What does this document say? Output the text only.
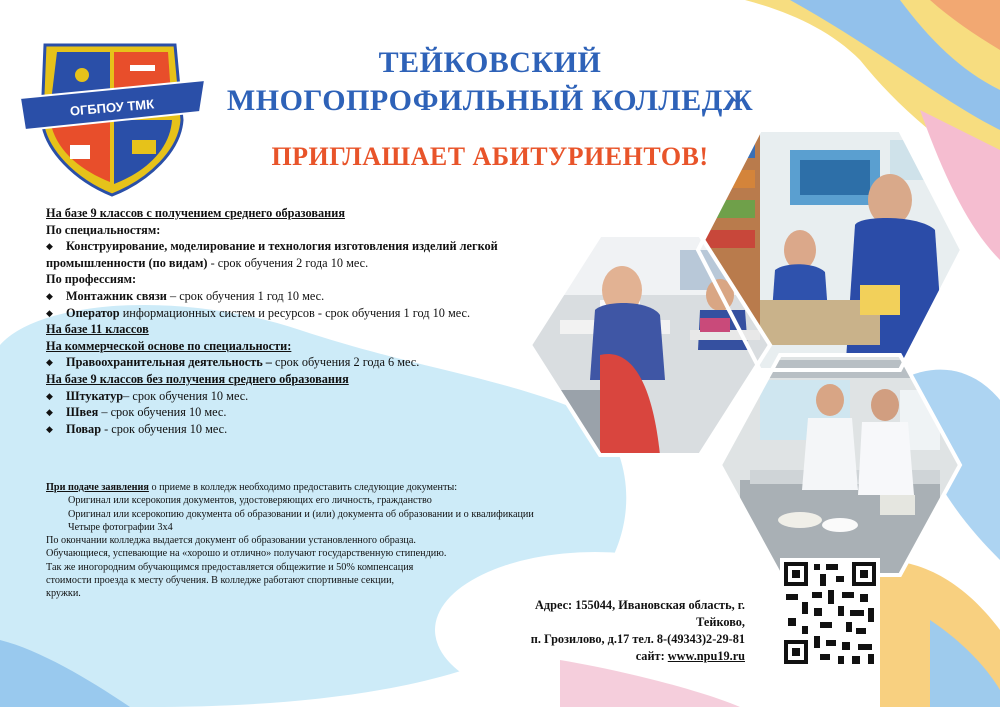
ОГБПОУ ТМК
ТЕЙКОВСКИЙ
МНОГОПРОФИЛЬНЫЙ КОЛЛЕДЖ
ПРИГЛАШАЕТ АБИТУРИЕНТОВ!
На базе 9 классов с получением среднего образования
По специальностям:
◆ Конструирование, моделирование и технология изготовления изделий легкой промышленности (по видам) - срок обучения 2 года 10 мес.
По профессиям:
◆ Монтажник связи – срок обучения 1 год 10 мес.
◆ Оператор информационных систем и ресурсов - срок обучения 1 год 10 мес.
На базе 11 классов
На коммерческой основе по специальности:
◆ Правоохранительная деятельность – срок обучения 2 года 6 мес.
На базе 9 классов без получения среднего образования
◆ Штукатур– срок обучения 10 мес.
◆ Швея – срок обучения 10 мес.
◆ Повар - срок обучения 10 мес.
При подаче заявления о приеме в колледж необходимо предоставить следующие документы:
Оригинал или ксерокопия документов, удостоверяющих его личность, гражданство
Оригинал или ксерокопию документа об образовании и (или) документа об образовании и о квалификации
Четыре фотографии 3х4
По окончании колледжа выдается документ об образовании установленного образца.
Обучающиеся, успевающие на «хорошо и отлично» получают государственную стипендию.
Так же иногородним обучающимся предоставляется общежитие и 50% компенсация стоимости проезда к месту обучения. В колледже работают спортивные секции, кружки.
Адрес: 155044, Ивановская область, г.
Тейково,
п. Грозилово, д.17 тел. 8-(49343)2-29-81
сайт: www.npu19.ru
